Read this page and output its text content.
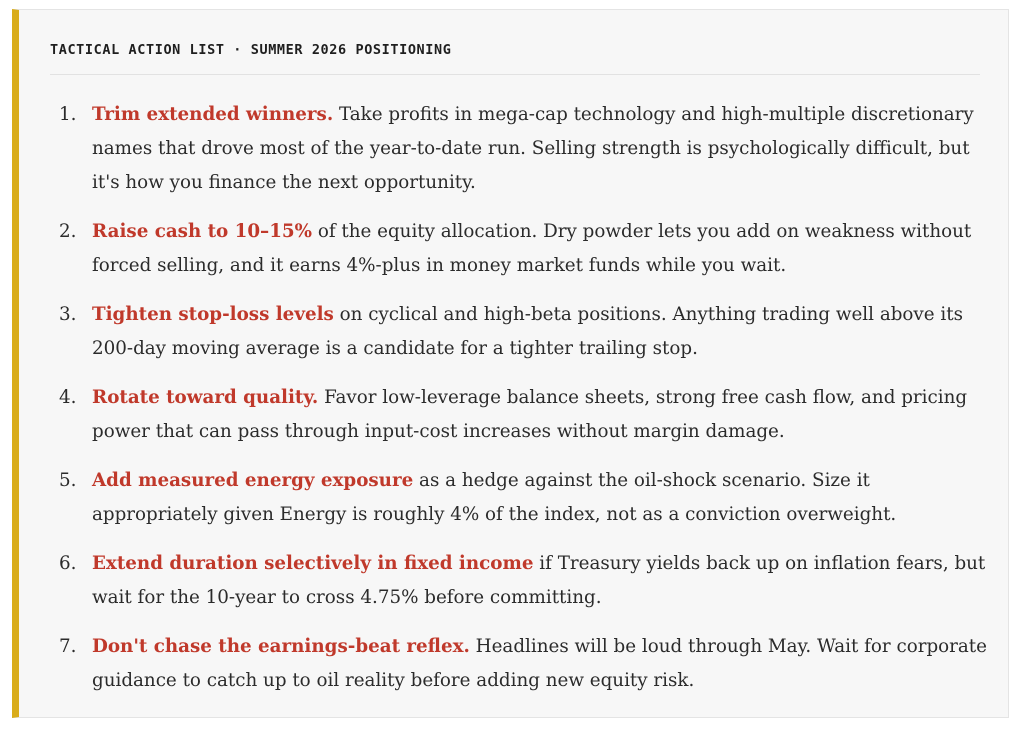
TACTICAL ACTION LIST · SUMMER 2026 POSITIONING
1. Trim extended winners. Take profits in mega-cap technology and high-multiple discretionary names that drove most of the year-to-date run. Selling strength is psychologically difficult, but it's how you finance the next opportunity.
2. Raise cash to 10–15% of the equity allocation. Dry powder lets you add on weakness without forced selling, and it earns 4%-plus in money market funds while you wait.
3. Tighten stop-loss levels on cyclical and high-beta positions. Anything trading well above its 200-day moving average is a candidate for a tighter trailing stop.
4. Rotate toward quality. Favor low-leverage balance sheets, strong free cash flow, and pricing power that can pass through input-cost increases without margin damage.
5. Add measured energy exposure as a hedge against the oil-shock scenario. Size it appropriately given Energy is roughly 4% of the index, not as a conviction overweight.
6. Extend duration selectively in fixed income if Treasury yields back up on inflation fears, but wait for the 10-year to cross 4.75% before committing.
7. Don't chase the earnings-beat reflex. Headlines will be loud through May. Wait for corporate guidance to catch up to oil reality before adding new equity risk.
